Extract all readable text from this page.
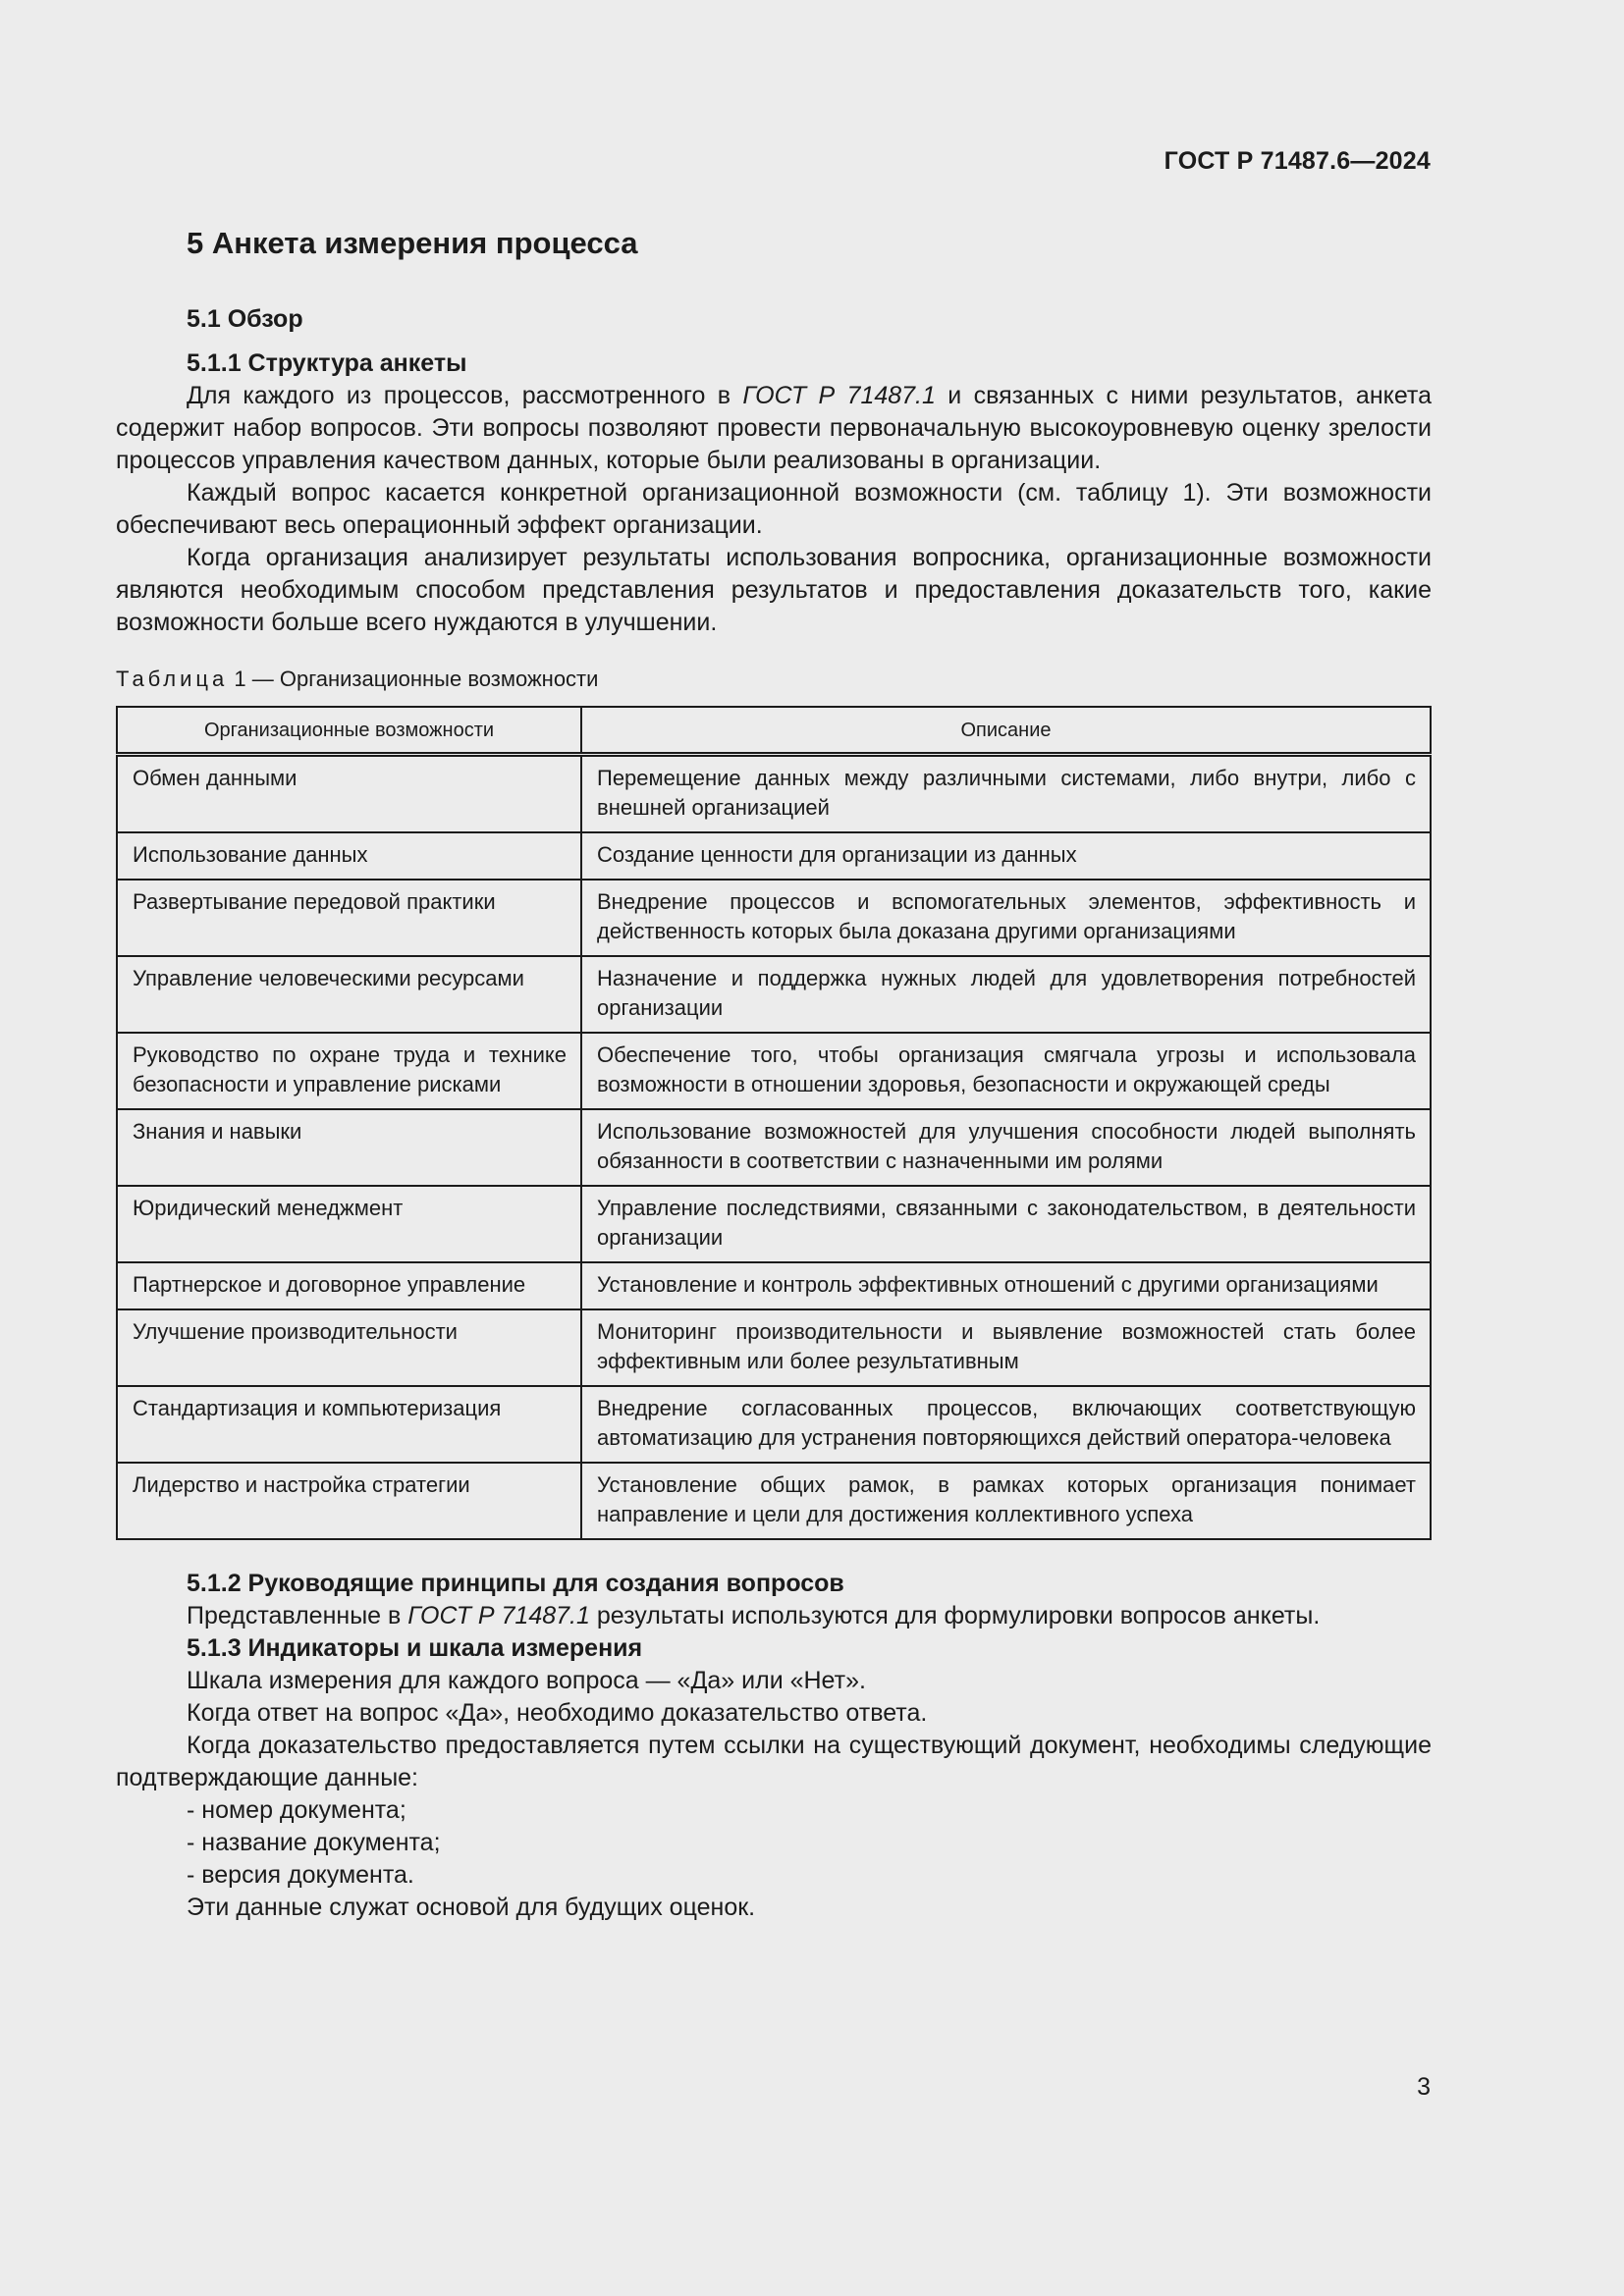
ГОСТ Р 71487.6—2024
5 Анкета измерения процесса
5.1 Обзор
5.1.1 Структура анкеты

Для каждого из процессов, рассмотренного в ГОСТ Р 71487.1 и связанных с ними результатов, анкета содержит набор вопросов. Эти вопросы позволяют провести первоначальную высокоуровневую оценку зрелости процессов управления качеством данных, которые были реализованы в организации.

Каждый вопрос касается конкретной организационной возможности (см. таблицу 1). Эти возможности обеспечивают весь операционный эффект организации.

Когда организация анализирует результаты использования вопросника, организационные возможности являются необходимым способом представления результатов и предоставления доказательств того, какие возможности больше всего нуждаются в улучшении.

Таблица 1 — Организационные возможности
Организационные возможности	Описание
Обмен данными	Перемещение данных между различными системами, либо внутри, либо с внешней организацией
Использование данных	Создание ценности для организации из данных
Развертывание передовой практики	Внедрение процессов и вспомогательных элементов, эффективность и действенность которых была доказана другими организациями
Управление человеческими ресурсами	Назначение и поддержка нужных людей для удовлетворения потребностей организации
Руководство по охране труда и технике безопасности и управление рисками	Обеспечение того, чтобы организация смягчала угрозы и использовала возможности в отношении здоровья, безопасности и окружающей среды
Знания и навыки	Использование возможностей для улучшения способности людей выполнять обязанности в соответствии с назначенными им ролями
Юридический менеджмент	Управление последствиями, связанными с законодательством, в деятельности организации
Партнерское и договорное управление	Установление и контроль эффективных отношений с другими организациями
Улучшение производительности	Мониторинг производительности и выявление возможностей стать более эффективным или более результативным
Стандартизация и компьютеризация	Внедрение согласованных процессов, включающих соответствующую автоматизацию для устранения повторяющихся действий оператора-человека
Лидерство и настройка стратегии	Установление общих рамок, в рамках которых организация понимает направление и цели для достижения коллективного успеха
5.1.2 Руководящие принципы для создания вопросов

Представленные в ГОСТ Р 71487.1 результаты используются для формулировки вопросов анкеты.

5.1.3 Индикаторы и шкала измерения

Шкала измерения для каждого вопроса — «Да» или «Нет».

Когда ответ на вопрос «Да», необходимо доказательство ответа.

Когда доказательство предоставляется путем ссылки на существующий документ, необходимы следующие подтверждающие данные:

- номер документа;
- название документа;
- версия документа.

Эти данные служат основой для будущих оценок.

3
